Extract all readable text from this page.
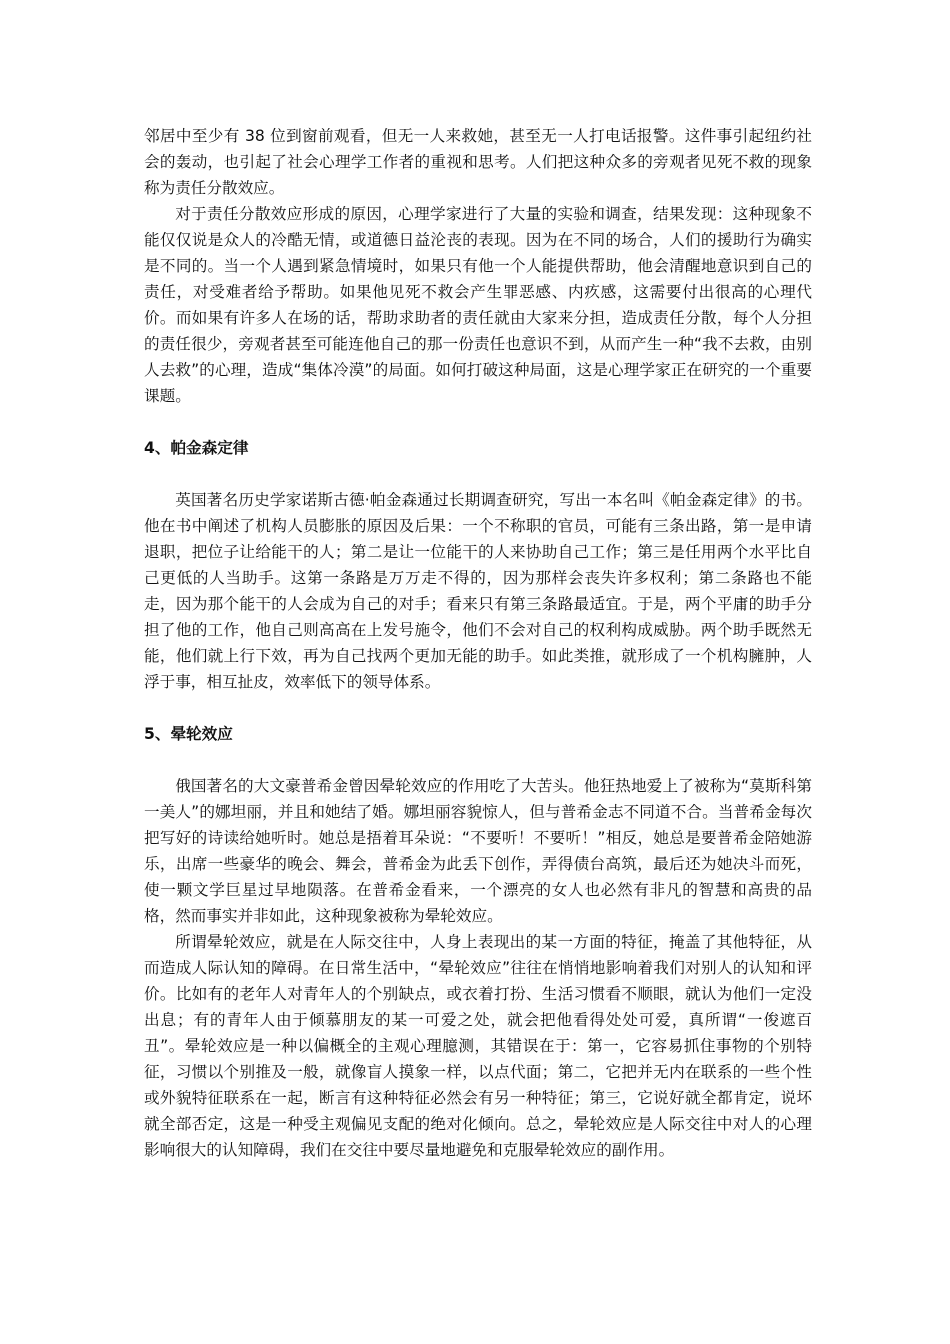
邻居中至少有 38 位到窗前观看，但无一人来救她，甚至无一人打电话报警。这件事引起纽约社会的轰动，也引起了社会心理学工作者的重视和思考。人们把这种众多的旁观者见死不救的现象称为责任分散效应。

对于责任分散效应形成的原因，心理学家进行了大量的实验和调查，结果发现：这种现象不能仅仅说是众人的冷酷无情，或道德日益沦丧的表现。因为在不同的场合，人们的援助行为确实是不同的。当一个人遇到紧急情境时，如果只有他一个人能提供帮助，他会清醒地意识到自己的责任，对受难者给予帮助。如果他见死不救会产生罪恶感、内疚感，这需要付出很高的心理代价。而如果有许多人在场的话，帮助求助者的责任就由大家来分担，造成责任分散，每个人分担的责任很少，旁观者甚至可能连他自己的那一份责任也意识不到，从而产生一种“我不去救，由别人去救”的心理，造成“集体冷漠”的局面。如何打破这种局面，这是心理学家正在研究的一个重要课题。

4、帕金森定律

英国著名历史学家诺斯古德·帕金森通过长期调查研究，写出一本名叫《帕金森定律》的书。他在书中阐述了机构人员膨胀的原因及后果：一个不称职的官员，可能有三条出路，第一是申请退职，把位子让给能干的人；第二是让一位能干的人来协助自己工作；第三是任用两个水平比自己更低的人当助手。这第一条路是万万走不得的，因为那样会丧失许多权利；第二条路也不能走，因为那个能干的人会成为自己的对手；看来只有第三条路最适宜。于是，两个平庸的助手分担了他的工作，他自己则高高在上发号施令，他们不会对自己的权利构成威胁。两个助手既然无能，他们就上行下效，再为自己找两个更加无能的助手。如此类推，就形成了一个机构臃肿，人浮于事，相互扯皮，效率低下的领导体系。

5、晕轮效应

俄国著名的大文豪普希金曾因晕轮效应的作用吃了大苦头。他狂热地爱上了被称为“莫斯科第一美人”的娜坦丽，并且和她结了婚。娜坦丽容貌惊人，但与普希金志不同道不合。当普希金每次把写好的诗读给她听时。她总是捂着耳朵说：“不要听！不要听！”相反，她总是要普希金陪她游乐，出席一些豪华的晚会、舞会，普希金为此丢下创作，弄得债台高筑，最后还为她决斗而死，使一颗文学巨星过早地陨落。在普希金看来，一个漂亮的女人也必然有非凡的智慧和高贵的品格，然而事实并非如此，这种现象被称为晕轮效应。

所谓晕轮效应，就是在人际交往中，人身上表现出的某一方面的特征，掩盖了其他特征，从而造成人际认知的障碍。在日常生活中，“晕轮效应”往往在悄悄地影响着我们对别人的认知和评价。比如有的老年人对青年人的个别缺点，或衣着打扮、生活习惯看不顺眼，就认为他们一定没出息；有的青年人由于倾慕朋友的某一可爱之处，就会把他看得处处可爱，真所谓“一俊遮百丑”。晕轮效应是一种以偏概全的主观心理臆测，其错误在于：第一，它容易抓住事物的个别特征，习惯以个别推及一般，就像盲人摸象一样，以点代面；第二，它把并无内在联系的一些个性或外貌特征联系在一起，断言有这种特征必然会有另一种特征；第三，它说好就全都肯定，说坏就全部否定，这是一种受主观偏见支配的绝对化倾向。总之，晕轮效应是人际交往中对人的心理影响很大的认知障碍，我们在交往中要尽量地避免和克服晕轮效应的副作用。
